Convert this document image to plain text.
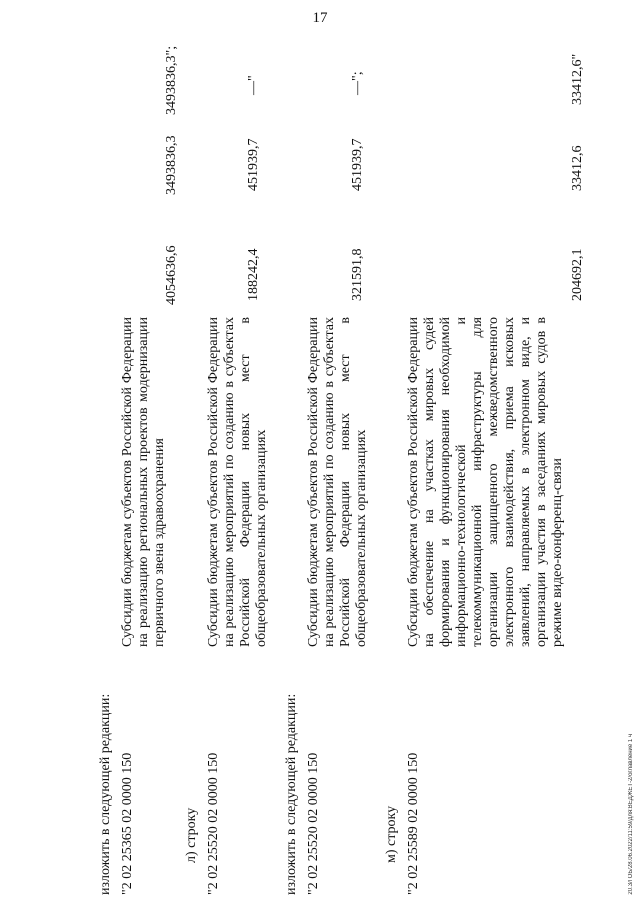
17
изложить в следующей редакции: "2 02 25365 02 0000 150
Субсидии бюджетам субъектов Российской Федерации на реализацию региональных проектов модернизации первичного звена здравоохранения
4054636,6
3493836,3
3493836,3";
л) строку "2 02 25520 02 0000 150
Субсидии бюджетам субъектов Российской Федерации на реализацию мероприятий по созданию в субъектах Российской Федерации новых мест в общеобразовательных организациях
188242,4
451939,7
—"
изложить в следующей редакции: "2 02 25520 02 0000 150
Субсидии бюджетам субъектов Российской Федерации на реализацию мероприятий по созданию в субъектах Российской Федерации новых мест в общеобразовательных организациях
321591,8
451939,7
—";
м) строку "2 02 25589 02 0000 150
Субсидии бюджетам субъектов Российской Федерации на обеспечение на участках мировых судей формирования и функционирования необходимой информационно-технологической и телекоммуникационной инфраструктуры для организации защищенного межведомственного электронного взаимодействия, приема исковых заявлений, направляемых в электронном виде, и организации участия в заседаниях мировых судов в режиме видео-конференц-связи
204692,1
33412,6
33412,6"
20.3/ГОБ/28.06.2022/11:59/для:ВЕДЖЕТ-2/оглавление 1 ч
